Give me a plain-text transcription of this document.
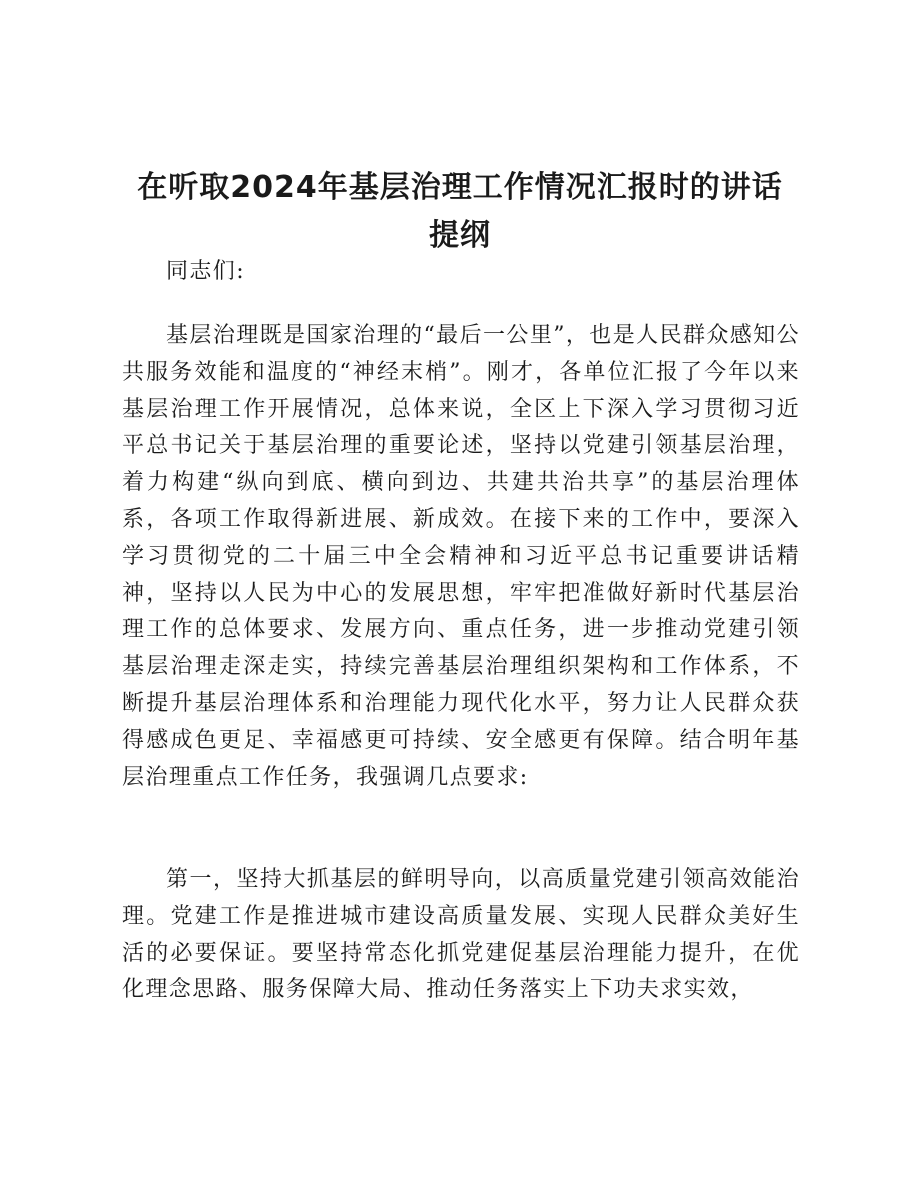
在听取2024年基层治理工作情况汇报时的讲话
提纲
同志们:

基层治理既是国家治理的“最后一公里”，也是人民群众感知公共服务效能和温度的“神经末梢”。刚才，各单位汇报了今年以来基层治理工作开展情况，总体来说，全区上下深入学习贯彻习近平总书记关于基层治理的重要论述，坚持以党建引领基层治理，着力构建“纵向到底、横向到边、共建共治共享”的基层治理体系，各项工作取得新进展、新成效。在接下来的工作中，要深入学习贯彻党的二十届三中全会精神和习近平总书记重要讲话精神，坚持以人民为中心的发展思想，牢牢把准做好新时代基层治理工作的总体要求、发展方向、重点任务，进一步推动党建引领基层治理走深走实，持续完善基层治理组织架构和工作体系，不断提升基层治理体系和治理能力现代化水平，努力让人民群众获得感成色更足、幸福感更可持续、安全感更有保障。结合明年基层治理重点工作任务，我强调几点要求:

第一，坚持大抓基层的鲜明导向，以高质量党建引领高效能治理。党建工作是推进城市建设高质量发展、实现人民群众美好生活的必要保证。要坚持常态化抓党建促基层治理能力提升，在优化理念思路、服务保障大局、推动任务落实上下功夫求实效，
